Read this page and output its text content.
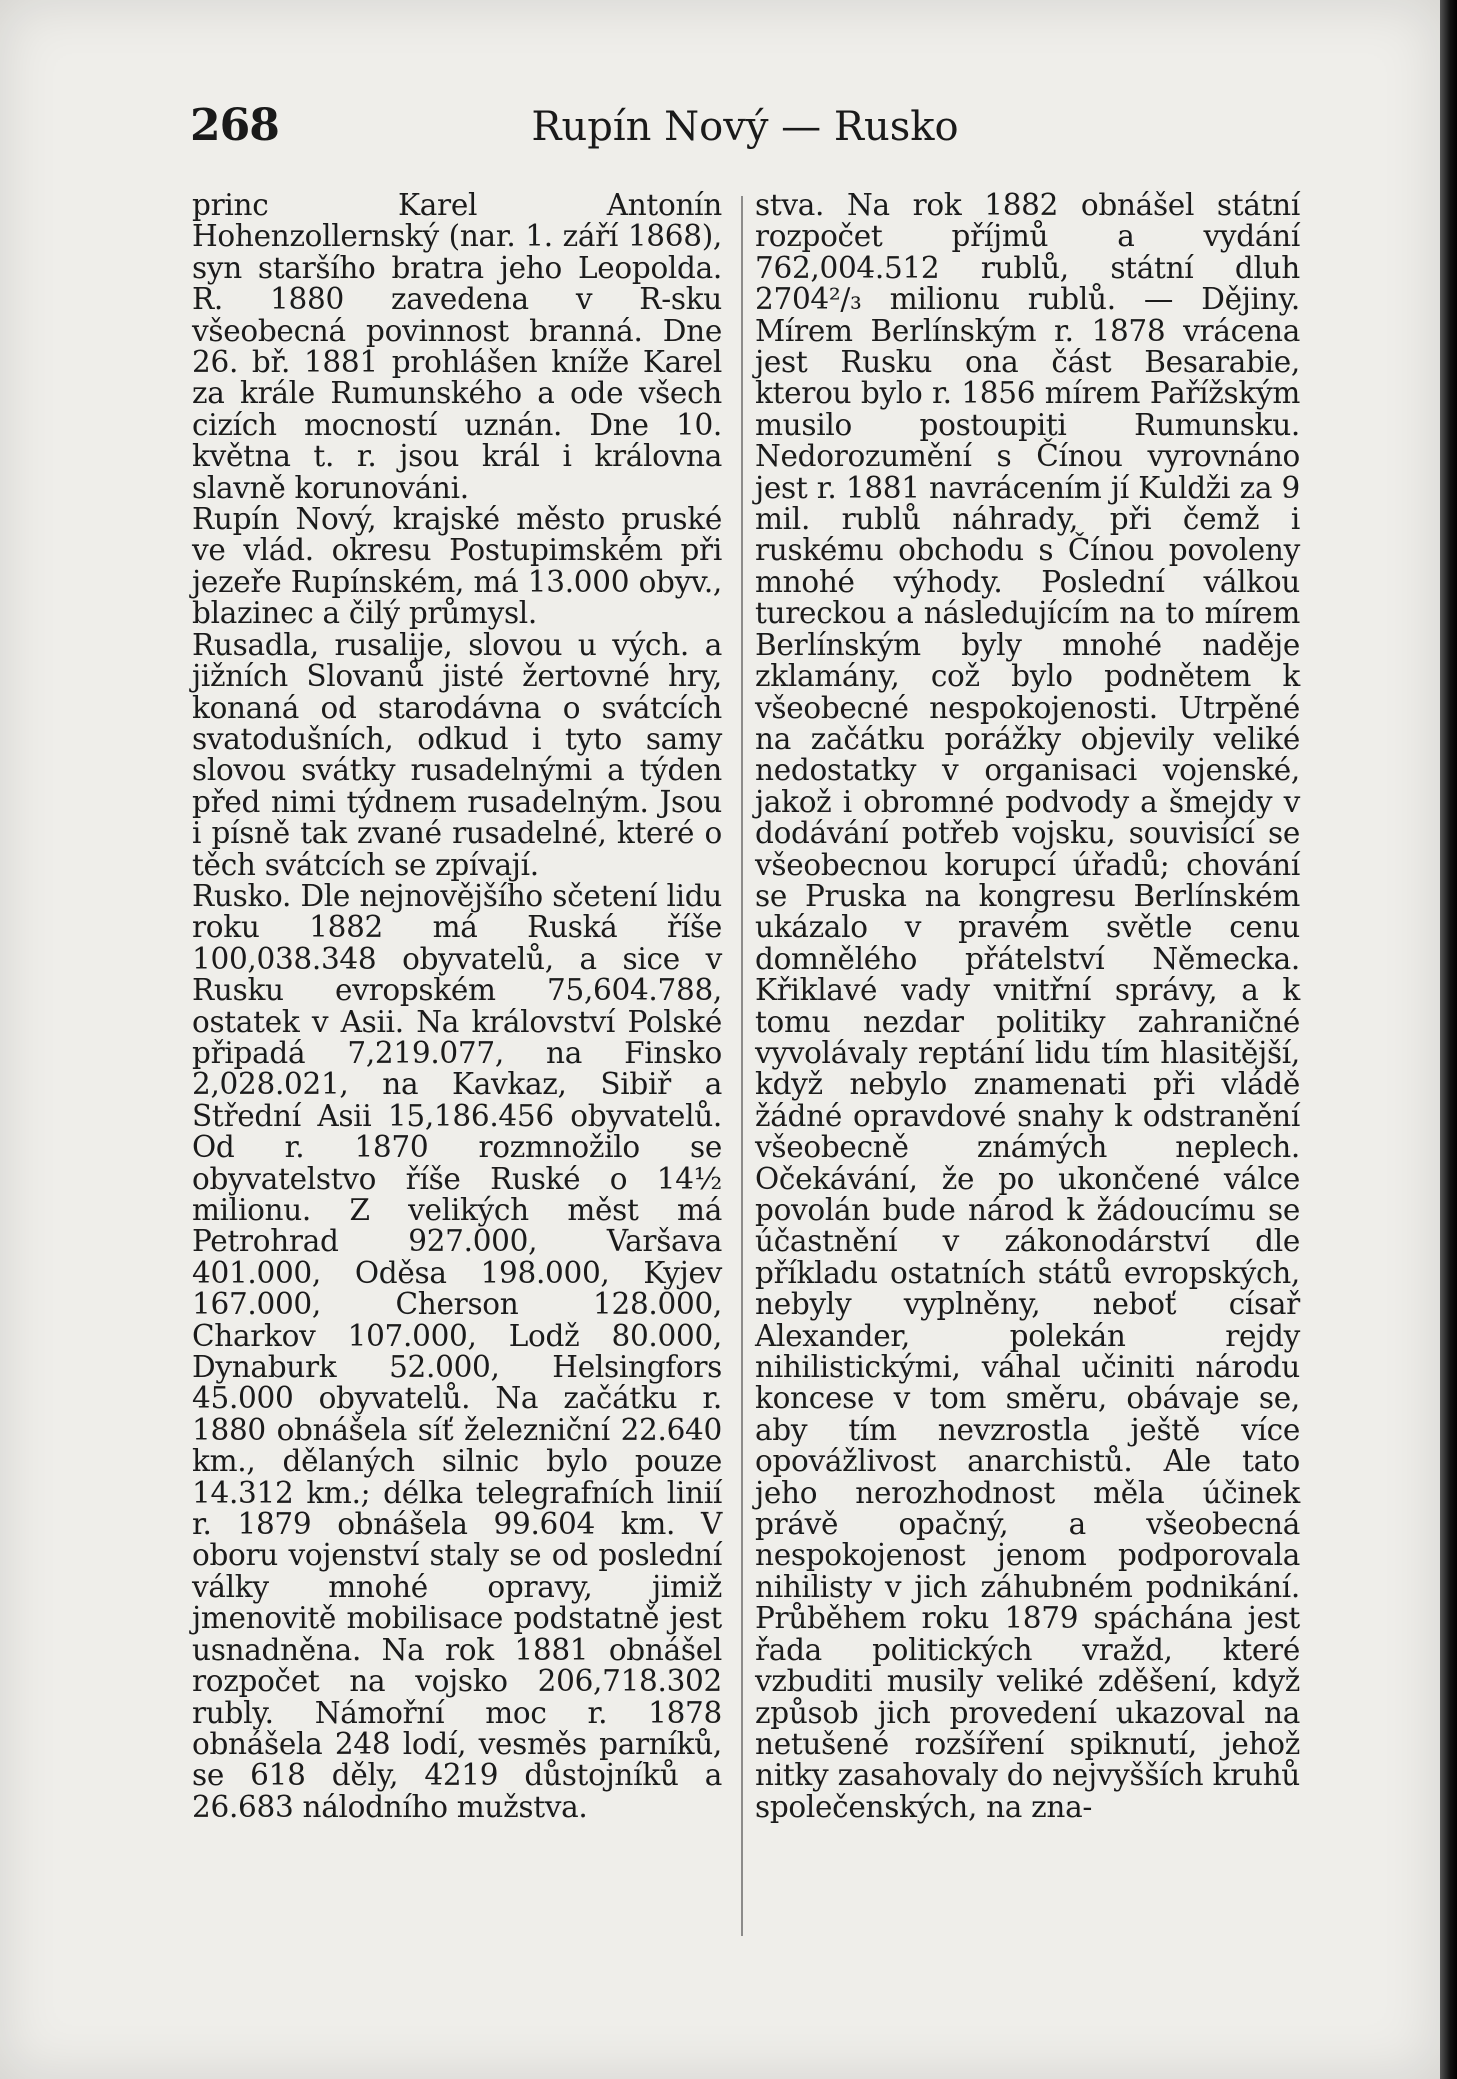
268	Rupín Nový — Rusko

princ Karel Antonín Hohenzollernský (nar. 1. září 1868), syn staršího bratra jeho Leopolda. R. 1880 zavedena v R-sku všeobecná povinnost branná. Dne 26. bř. 1881 prohlášen kníže Karel za krále Rumunského a ode všech cizích mocností uznán. Dne 10. května t. r. jsou král i královna slavně korunováni.
Rupín Nový, krajské město pruské ve vlád. okresu Postupimském při jezeře Rupínském, má 13.000 obyv., blazinec a čilý průmysl.
Rusadla, rusalije, slovou u vých. a jižních Slovanů jisté žertovné hry, konaná od starodávna o svátcích svatodušních, odkud i tyto samy slovou svátky rusadelnými a týden před nimi týdnem rusadelným. Jsou i písně tak zvané rusadelné, které o těch svátcích se zpívají.
Rusko. Dle nejnovějšího sčetení lidu roku 1882 má Ruská říše 100,038.348 obyvatelů, a sice v Rusku evropském 75,604.788, ostatek v Asii. Na království Polské připadá 7,219.077, na Finsko 2,028.021, na Kavkaz, Sibiř a Střední Asii 15,186.456 obyvatelů. Od r. 1870 rozmnožilo se obyvatelstvo říše Ruské o 14½ milionu. Z velikých měst má Petrohrad 927.000, Varšava 401.000, Oděsa 198.000, Kyjev 167.000, Cherson 128.000, Charkov 107.000, Lodž 80.000, Dynaburk 52.000, Helsingfors 45.000 obyvatelů. Na začátku r. 1880 obnášela síť železniční 22.640 km., dělaných silnic bylo pouze 14.312 km.; délka telegrafních linií r. 1879 obnášela 99.604 km. V oboru vojenství staly se od poslední války mnohé opravy, jimiž jmenovitě mobilisace podstatně jest usnadněna. Na rok 1881 obnášel rozpočet na vojsko 206,718.302 rubly. Námořní moc r. 1878 obnášela 248 lodí, vesměs parníků, se 618 děly, 4219 důstojníků a 26.683 nálodního mužstva.

stva. Na rok 1882 obnášel státní rozpočet příjmů a vydání 762,004.512 rublů, státní dluh 2704²/₃ milionu rublů. — Dějiny. Mírem Berlínským r. 1878 vrácena jest Rusku ona část Besarabie, kterou bylo r. 1856 mírem Pařížským musilo postoupiti Rumunsku. Nedorozumění s Čínou vyrovnáno jest r. 1881 navrácením jí Kuldži za 9 mil. rublů náhrady, při čemž i ruskému obchodu s Čínou povoleny mnohé výhody. Poslední válkou tureckou a následujícím na to mírem Berlínským byly mnohé naděje zklamány, což bylo podnětem k všeobecné nespokojenosti. Utrpěné na začátku porážky objevily veliké nedostatky v organisaci vojenské, jakož i obromné podvody a šmejdy v dodávání potřeb vojsku, souvisící se všeobecnou korupcí úřadů; chování se Pruska na kongresu Berlínském ukázalo v pravém světle cenu domnělého přátelství Německa. Křiklavé vady vnitřní správy, a k tomu nezdar politiky zahraničné vyvolávaly reptání lidu tím hlasitější, když nebylo znamenati při vládě žádné opravdové snahy k odstranění všeobecně známých neplech. Očekávání, že po ukončené válce povolán bude národ k žádoucímu se účastnění v zákonodárství dle příkladu ostatních států evropských, nebyly vyplněny, neboť císař Alexander, polekán rejdy nihilistickými, váhal učiniti národu koncese v tom směru, obávaje se, aby tím nevzrostla ještě více opovážlivost anarchistů. Ale tato jeho nerozhodnost měla účinek právě opačný, a všeobecná nespokojenost jenom podporovala nihilisty v jich záhubném podnikání. Průběhem roku 1879 spáchána jest řada politických vražd, které vzbuditi musily veliké zděšení, když způsob jich provedení ukazoval na netušené rozšíření spiknutí, jehož nitky zasahovaly do nejvyšších kruhů společenských, na zna-
